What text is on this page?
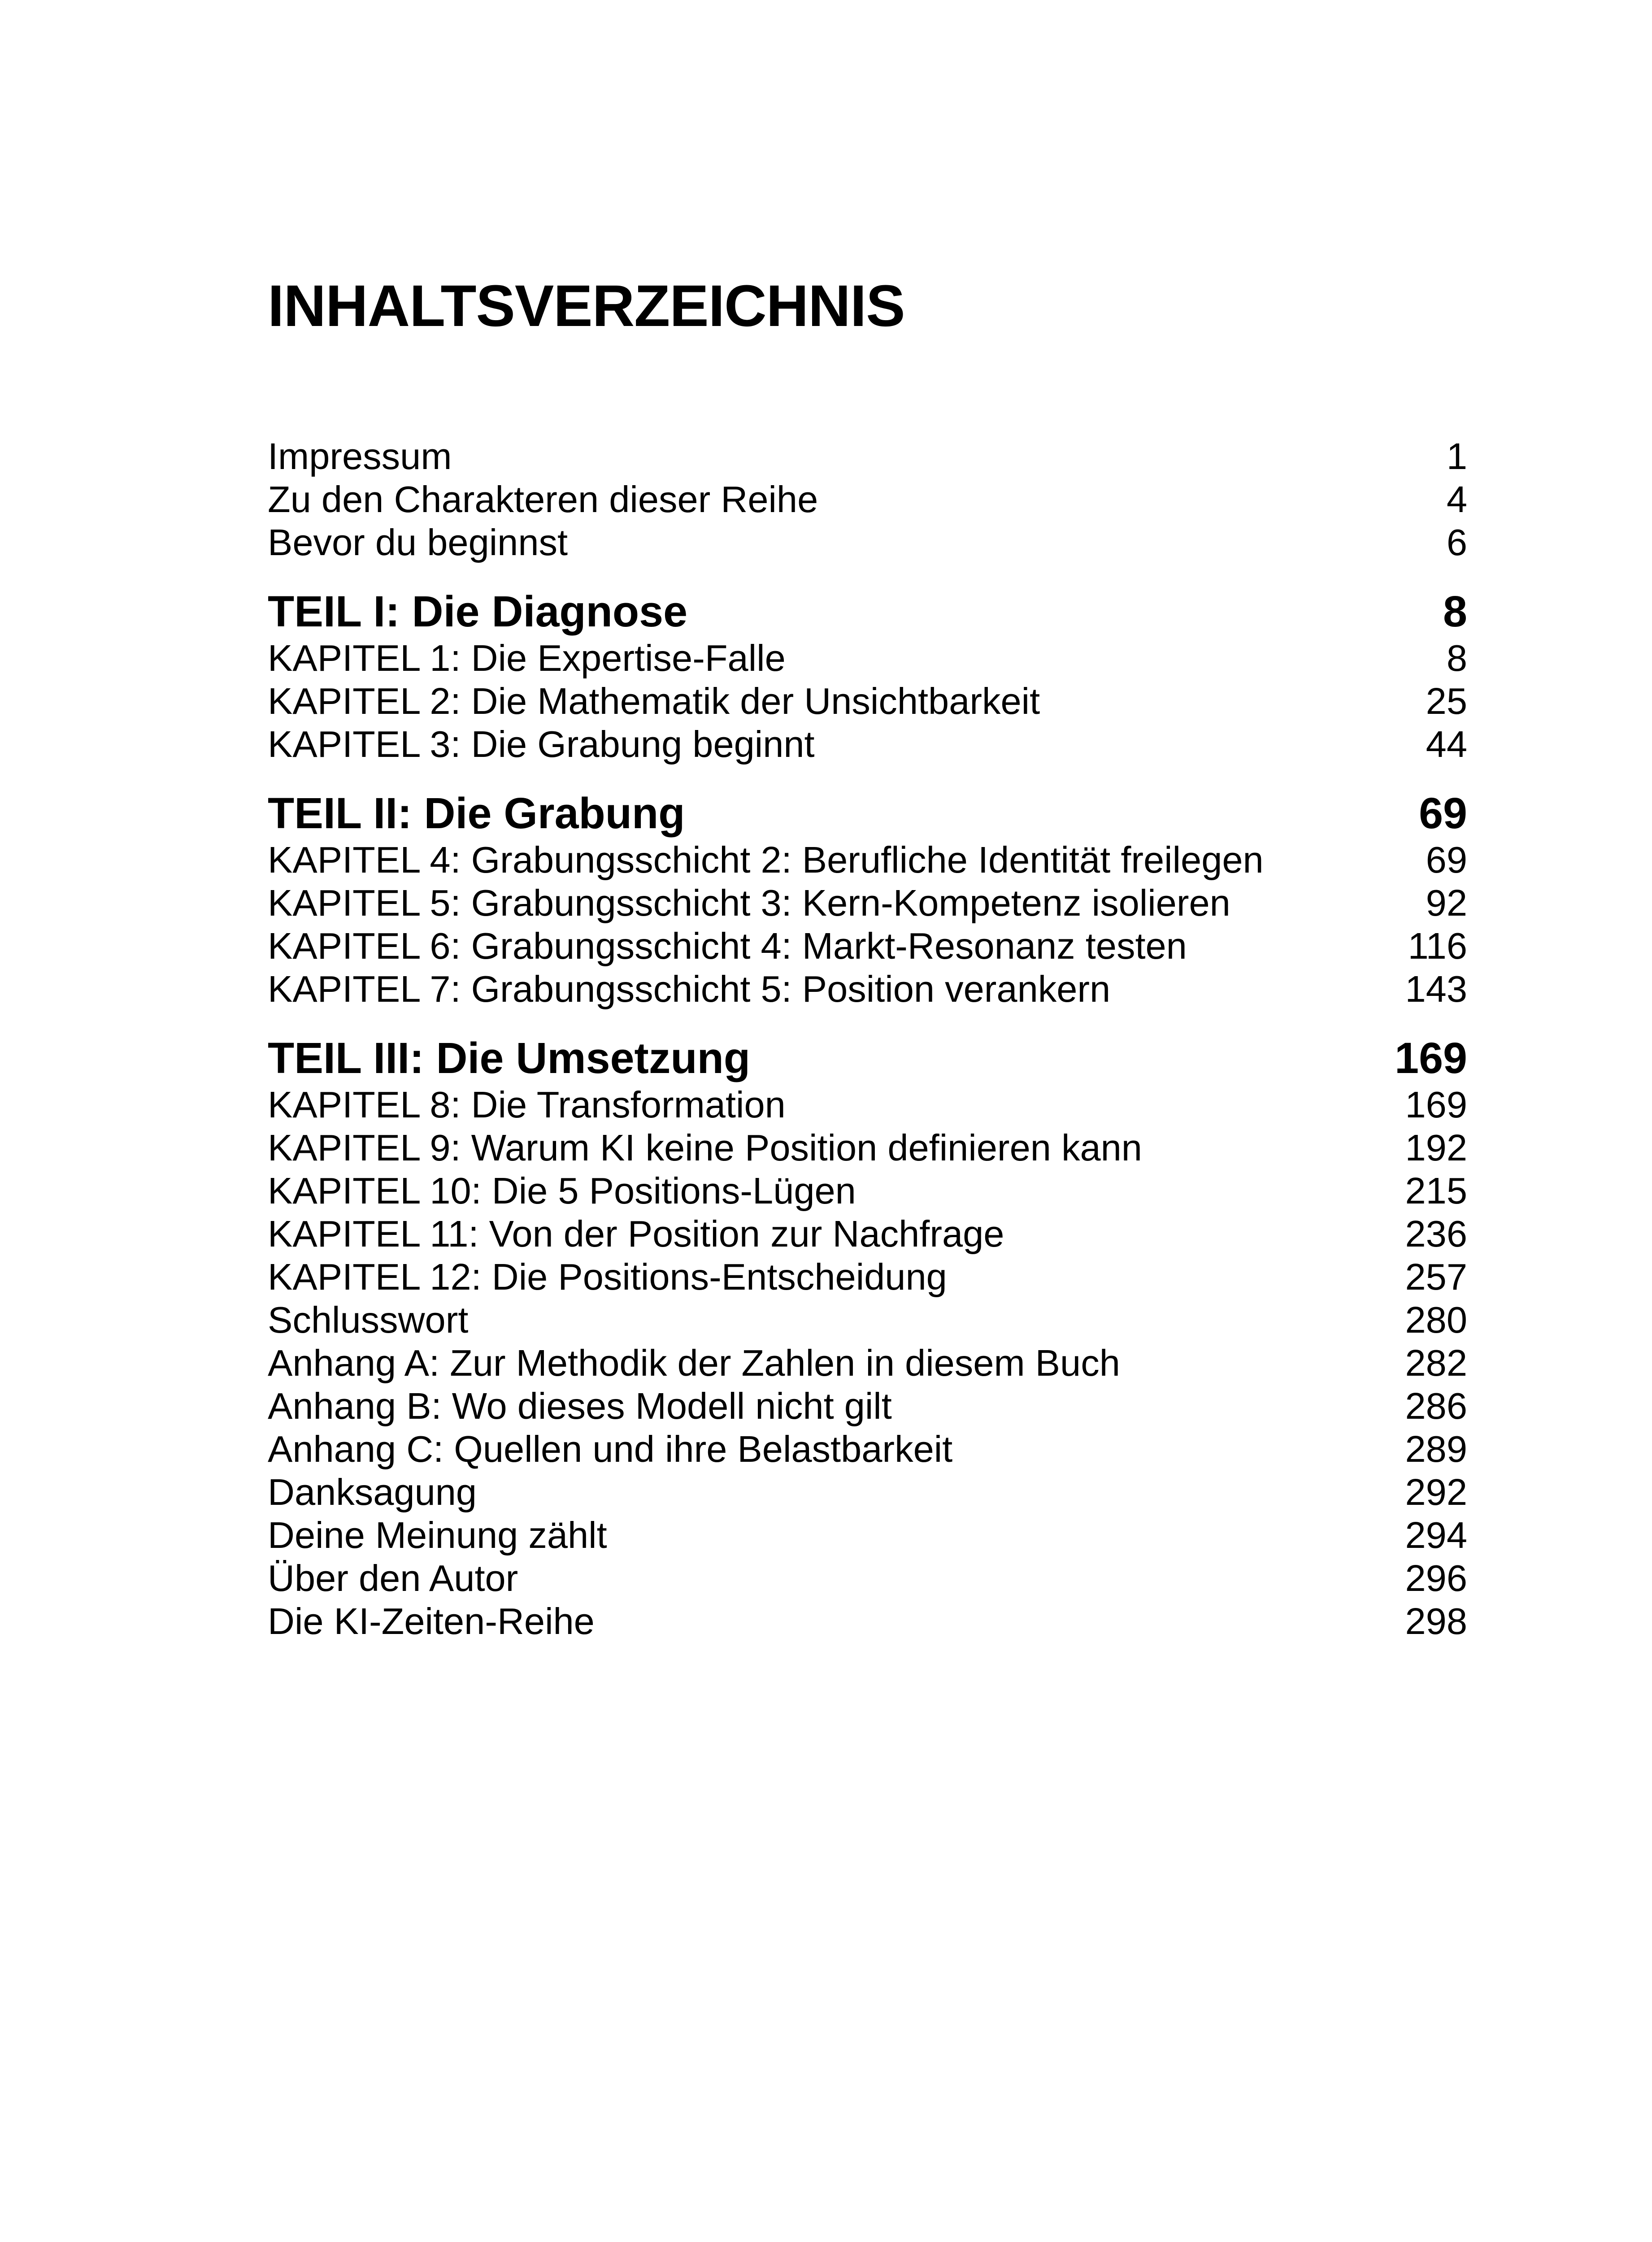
INHALTSVERZEICHNIS
Impressum	1
Zu den Charakteren dieser Reihe	4
Bevor du beginnst	6
TEIL I: Die Diagnose	8
KAPITEL 1: Die Expertise-Falle	8
KAPITEL 2: Die Mathematik der Unsichtbarkeit	25
KAPITEL 3: Die Grabung beginnt	44
TEIL II: Die Grabung	69
KAPITEL 4: Grabungsschicht 2: Berufliche Identität freilegen	69
KAPITEL 5: Grabungsschicht 3: Kern-Kompetenz isolieren	92
KAPITEL 6: Grabungsschicht 4: Markt-Resonanz testen	116
KAPITEL 7: Grabungsschicht 5: Position verankern	143
TEIL III: Die Umsetzung	169
KAPITEL 8: Die Transformation	169
KAPITEL 9: Warum KI keine Position definieren kann	192
KAPITEL 10: Die 5 Positions-Lügen	215
KAPITEL 11: Von der Position zur Nachfrage	236
KAPITEL 12: Die Positions-Entscheidung	257
Schlusswort	280
Anhang A: Zur Methodik der Zahlen in diesem Buch	282
Anhang B: Wo dieses Modell nicht gilt	286
Anhang C: Quellen und ihre Belastbarkeit	289
Danksagung	292
Deine Meinung zählt	294
Über den Autor	296
Die KI-Zeiten-Reihe	298
